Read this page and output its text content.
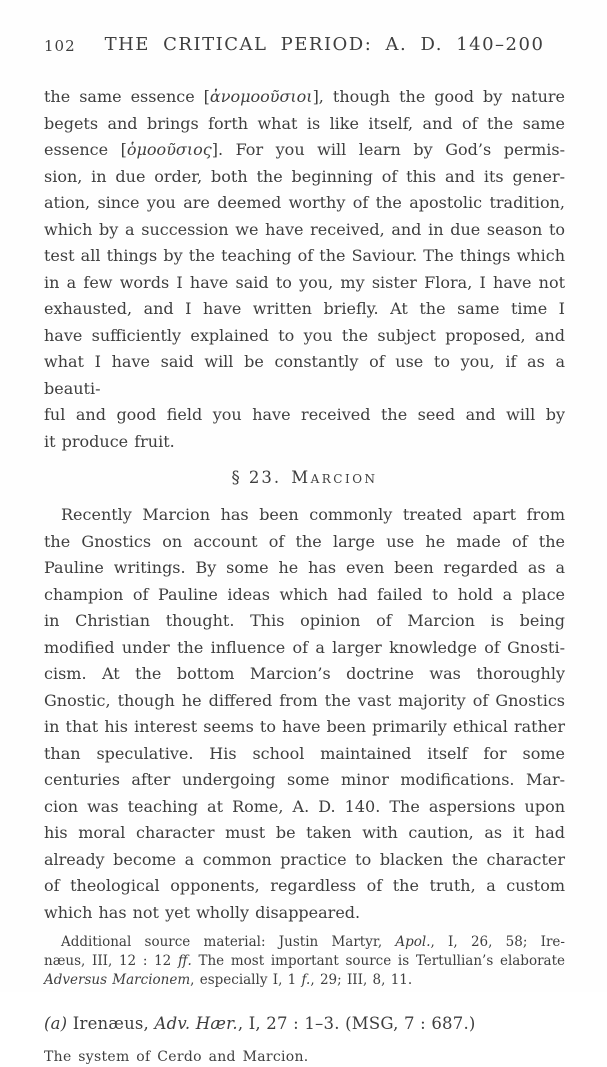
102 THE CRITICAL PERIOD: A. D. 140–200
the same essence [ἀνομοοῦσιοι], though the good by nature
begets and brings forth what is like itself, and of the same
essence [ὁμοοῦσιος]. For you will learn by God’s permis-
sion, in due order, both the beginning of this and its gener-
ation, since you are deemed worthy of the apostolic tradition,
which by a succession we have received, and in due season to
test all things by the teaching of the Saviour. The things which
in a few words I have said to you, my sister Flora, I have not
exhausted, and I have written briefly. At the same time I
have sufficiently explained to you the subject proposed, and
what I have said will be constantly of use to you, if as a beauti-
ful and good field you have received the seed and will by
it produce fruit.
§ 23. Marcion
Recently Marcion has been commonly treated apart from
the Gnostics on account of the large use he made of the
Pauline writings. By some he has even been regarded as a
champion of Pauline ideas which had failed to hold a place
in Christian thought. This opinion of Marcion is being
modified under the influence of a larger knowledge of Gnosti-
cism. At the bottom Marcion’s doctrine was thoroughly
Gnostic, though he differed from the vast majority of Gnostics
in that his interest seems to have been primarily ethical rather
than speculative. His school maintained itself for some
centuries after undergoing some minor modifications. Mar-
cion was teaching at Rome, A. D. 140. The aspersions upon
his moral character must be taken with caution, as it had
already become a common practice to blacken the character
of theological opponents, regardless of the truth, a custom
which has not yet wholly disappeared.
Additional source material: Justin Martyr, Apol., I, 26, 58; Ire-
næus, III, 12 : 12 ff. The most important source is Tertullian’s elaborate
Adversus Marcionem, especially I, 1 f., 29; III, 8, 11.
(a) Irenæus, Adv. Hær., I, 27 : 1–3. (MSG, 7 : 687.)
The system of Cerdo and Marcion.
